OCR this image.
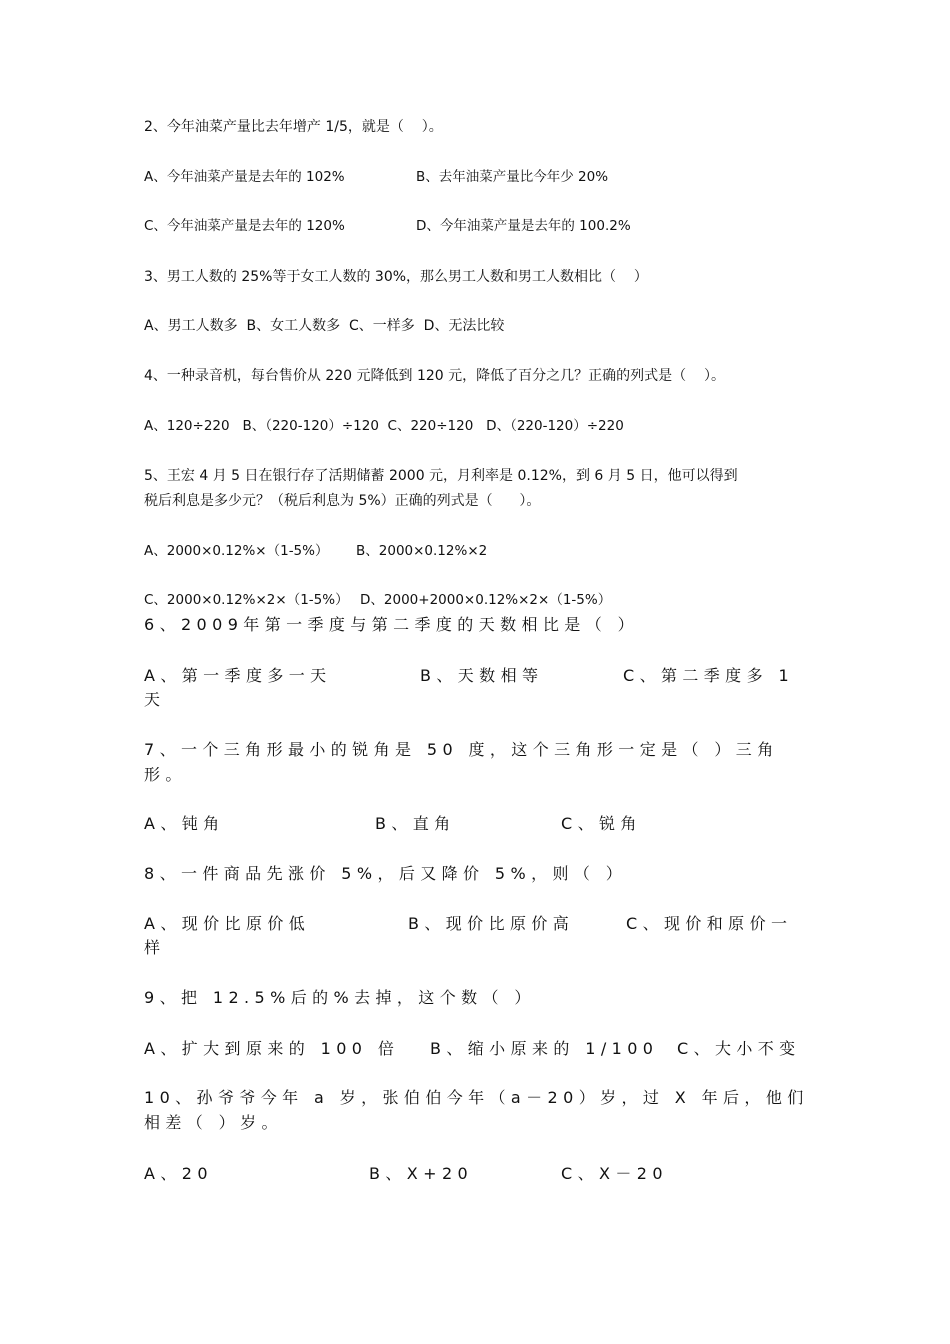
2、今年油菜产量比去年增产 1/5，就是（    ）。
A、今年油菜产量是去年的 102%	B、去年油菜产量比今年少 20%
C、今年油菜产量是去年的 120%	D、今年油菜产量是去年的 100.2%
3、男工人数的 25%等于女工人数的 30%，那么男工人数和男工人数相比（    ）
A、男工人数多  B、女工人数多  C、一样多  D、无法比较
4、一种录音机，每台售价从 220 元降低到 120 元，降低了百分之几？正确的列式是（    ）。
A、120÷220   B、（220-120）÷120  C、220÷120   D、（220-120）÷220
5、王宏 4 月 5 日在银行存了活期储蓄 2000 元，月利率是 0.12%，到 6 月 5 日，他可以得到
税后利息是多少元？（税后利息为 5%）正确的列式是（      ）。
A、2000×0.12%×（1-5%） B、2000×0.12%×2
C、2000×0.12%×2×（1-5%） D、2000+2000×0.12%×2×（1-5%）
6、2009年第一季度与第二季度的天数相比是（ ）
A、第一季度多一天	B、天数相等	C、第二季度多 1
天
7、一个三角形最小的锐角是 50 度，这个三角形一定是（ ）三角
形。
A、钝角	B、直角	C、锐角
8、一件商品先涨价 5%，后又降价 5%，则（ ）
A、现价比原价低	B、现价比原价高	C、现价和原价一
样
9、把 12.5%后的%去掉，这个数（ ）
A、扩大到原来的 100 倍 B、缩小原来的 1/100 C、大小不变
10、孙爷爷今年 a 岁，张伯伯今年（a－20）岁，过 X 年后，他们
相差（ ）岁。
A、20	B、X+20	C、X－20
